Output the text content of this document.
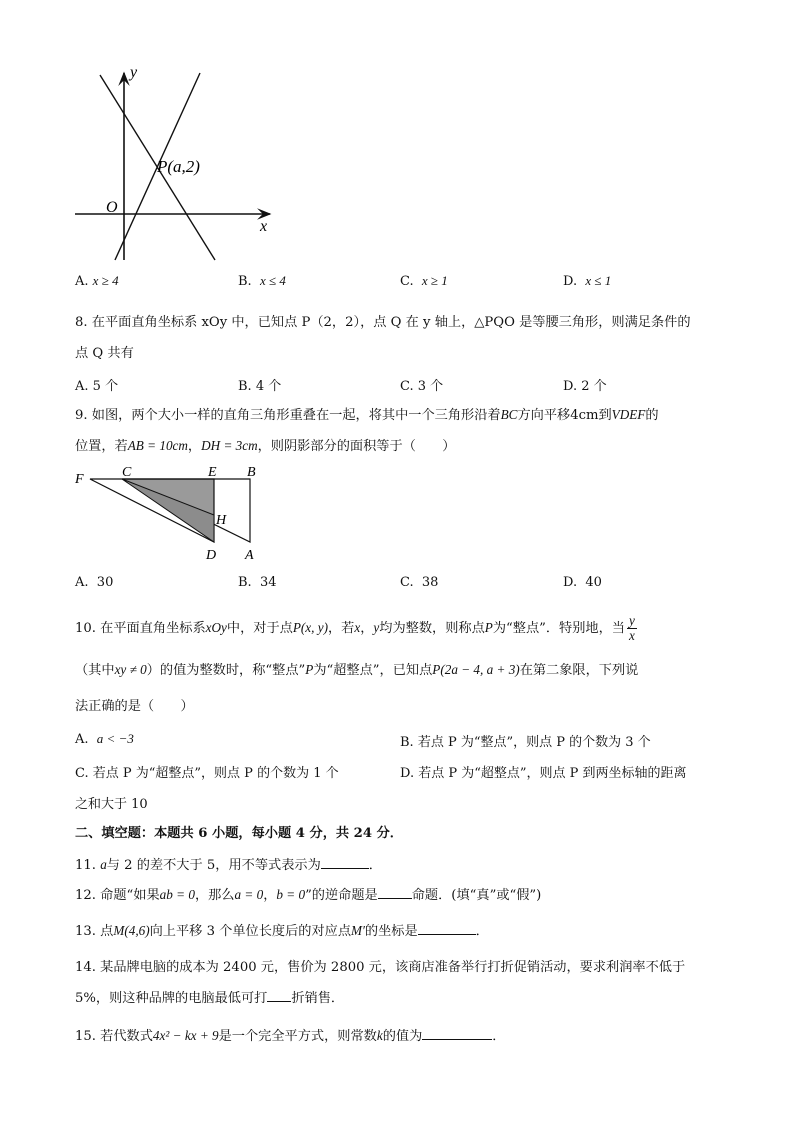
y
x
O
P(a,2)
A. x ≥ 4	B. x ≤ 4	C. x ≥ 1	D. x ≤ 1
8. 在平面直角坐标系 xOy 中，已知点 P（2，2），点 Q 在 y 轴上，△PQO 是等腰三角形，则满足条件的
点 Q 共有
A. 5 个	B. 4 个	C. 3 个	D. 2 个
9. 如图，两个大小一样的直角三角形重叠在一起，将其中一个三角形沿着BC方向平移4cm到VDEF的
位置，若AB = 10cm，DH = 3cm，则阴影部分的面积等于（　　）
F	C	E B
H
D A
A. 30	B. 34	C. 38	D. 40
10. 在平面直角坐标系xOy中，对于点P(x, y)，若x，y均为整数，则称点P为“整点”．特别地，当 $\frac{y}{x}$
（其中xy ≠ 0）的值为整数时，称“整点”P为“超整点”，已知点P(2a − 4, a + 3)在第二象限，下列说
法正确的是（　　）
A. a < −3	B. 若点 P 为“整点”，则点 P 的个数为 3 个
C. 若点 P 为“超整点”，则点 P 的个数为 1 个	D. 若点 P 为“超整点”，则点 P 到两坐标轴的距离
之和大于 10
二、填空题：本题共 6 小题，每小题 4 分，共 24 分．
11. a与 2 的差不大于 5，用不等式表示为	．
12. 命题“如果ab = 0，那么a = 0，b = 0”的逆命题是	命题．(填“真”或“假”)
13. 点M(4,6)向上平移 3 个单位长度后的对应点M′的坐标是	．
14. 某品牌电脑的成本为 2400 元，售价为 2800 元，该商店准备举行打折促销活动，要求利润率不低于
5%，则这种品牌的电脑最低可打 折销售．
15. 若代数式4x² − kx + 9是一个完全平方式，则常数k的值为	．
